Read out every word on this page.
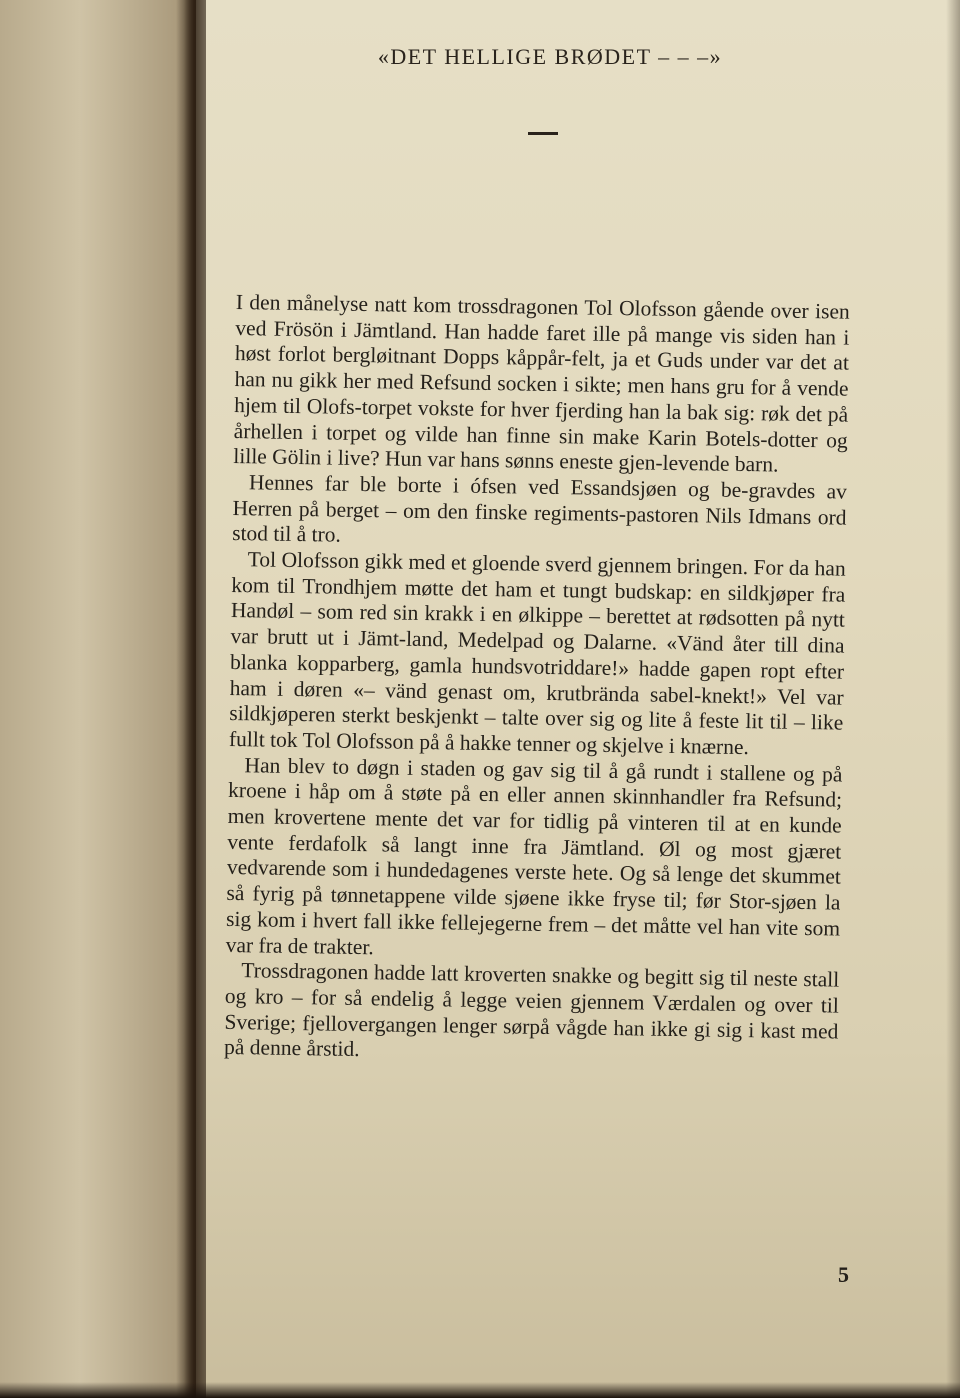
«DET HELLIGE BRØDET – – –»

I den månelyse natt kom trossdragonen Tol Olofsson gående over isen ved Frösön i Jämtland. Han hadde faret ille på mange vis siden han i høst forlot bergløitnant Dopps kåppår-felt, ja et Guds under var det at han nu gikk her med Refsund socken i sikte; men hans gru for å vende hjem til Olofs-torpet vokste for hver fjerding han la bak sig: røk det på århellen i torpet og vilde han finne sin make Karin Botels-dotter og lille Gölin i live? Hun var hans sønns eneste gjen-levende barn.

Hennes far ble borte i ófsen ved Essandsjøen og be-gravdes av Herren på berget – om den finske regiments-pastoren Nils Idmans ord stod til å tro.

Tol Olofsson gikk med et gloende sverd gjennem bringen. For da han kom til Trondhjem møtte det ham et tungt budskap: en sildkjøper fra Handøl – som red sin krakk i en ølkippe – berettet at rødsotten på nytt var brutt ut i Jämt-land, Medelpad og Dalarne. «Vänd åter till dina blanka kopparberg, gamla hundsvotriddare!» hadde gapen ropt efter ham i døren «– vänd genast om, krutbrända sabel-knekt!» Vel var sildkjøperen sterkt beskjenkt – talte over sig og lite å feste lit til – like fullt tok Tol Olofsson på å hakke tenner og skjelve i knærne.

Han blev to døgn i staden og gav sig til å gå rundt i stallene og på kroene i håp om å støte på en eller annen skinnhandler fra Refsund; men krovertene mente det var for tidlig på vinteren til at en kunde vente ferdafolk så langt inne fra Jämtland. Øl og most gjæret vedvarende som i hundedagenes verste hete. Og så lenge det skummet så fyrig på tønnetappene vilde sjøene ikke fryse til; før Stor-sjøen la sig kom i hvert fall ikke fellejegerne frem – det måtte vel han vite som var fra de trakter.

Trossdragonen hadde latt kroverten snakke og begitt sig til neste stall og kro – for så endelig å legge veien gjennem Værdalen og over til Sverige; fjellovergangen lenger sørpå vågde han ikke gi sig i kast med på denne årstid.

5
